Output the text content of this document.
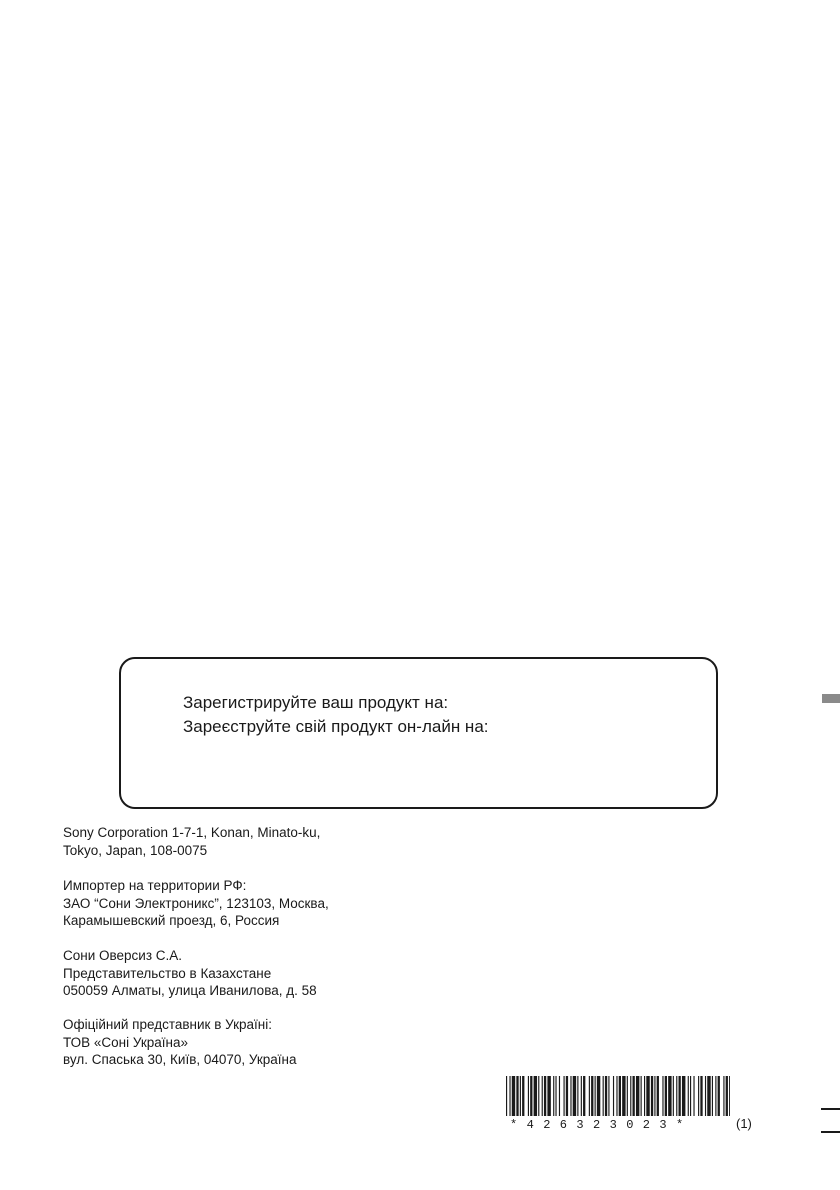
Зарегистрируйте ваш продукт на:
Зареєструйте свій продукт он-лайн на:
Sony Corporation 1-7-1, Konan, Minato-ku,
Tokyo, Japan, 108-0075
Импортер на территории РФ:
ЗАО “Сони Электроникс”, 123103, Москва,
Карамышевский проезд, 6, Россия
Сони Оверсиз С.А.
Представительство в Казахстане
050059 Алматы, улица Иванилова, д. 58
Офіційний представник в Україні:
ТОВ «Соні Україна»
вул. Спаська 30, Київ, 04070, Україна
*426323023*	(1)
